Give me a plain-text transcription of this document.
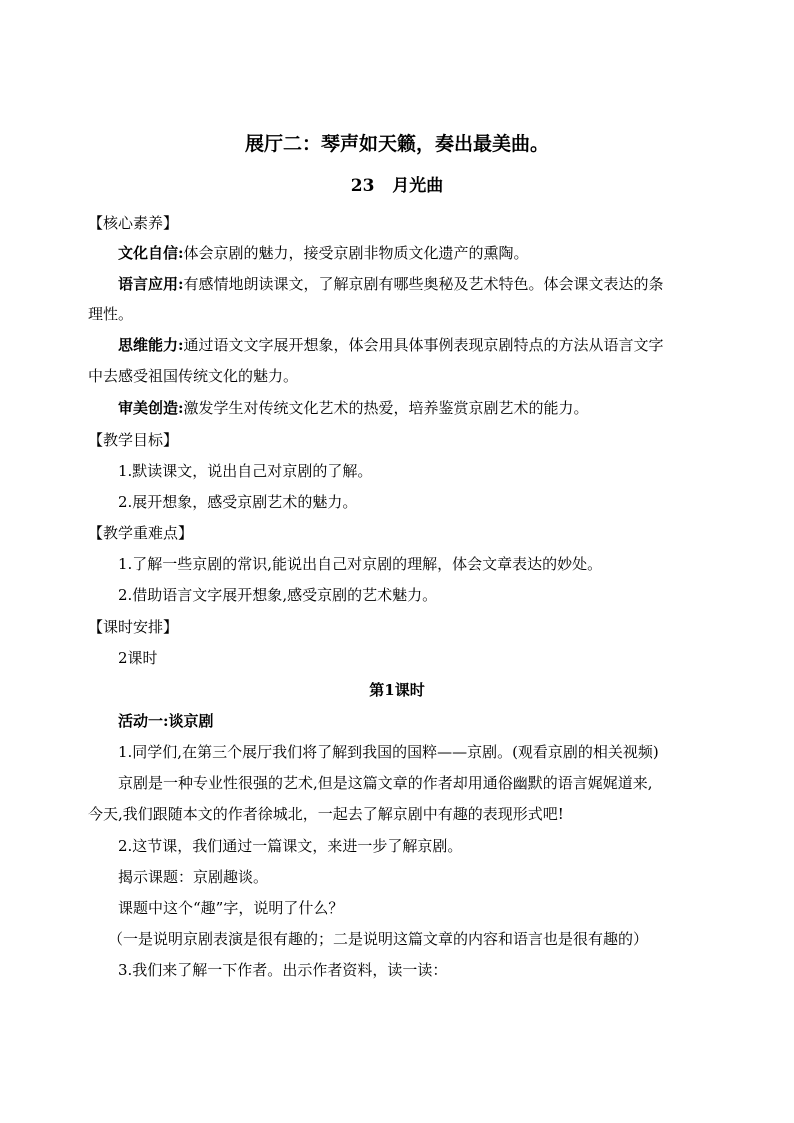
展厅二：琴声如天籁，奏出最美曲。
23 月光曲
【核心素养】
文化自信:体会京剧的魅力，接受京剧非物质文化遗产的熏陶。
语言应用:有感情地朗读课文，了解京剧有哪些奥秘及艺术特色。体会课文表达的条
理性。
思维能力:通过语文文字展开想象，体会用具体事例表现京剧特点的方法从语言文字
中去感受祖国传统文化的魅力。
审美创造:激发学生对传统文化艺术的热爱，培养鉴赏京剧艺术的能力。
【教学目标】
1.默读课文，说出自己对京剧的了解。
2.展开想象，感受京剧艺术的魅力。
【教学重难点】
1.了解一些京剧的常识,能说出自己对京剧的理解，体会文章表达的妙处。
2.借助语言文字展开想象,感受京剧的艺术魅力。
【课时安排】
2课时
第1课时
活动一:谈京剧
1.同学们,在第三个展厅我们将了解到我国的国粹——京剧。(观看京剧的相关视频)
京剧是一种专业性很强的艺术,但是这篇文章的作者却用通俗幽默的语言娓娓道来,
今天,我们跟随本文的作者徐城北，一起去了解京剧中有趣的表现形式吧!
2.这节课，我们通过一篇课文，来进一步了解京剧。
揭示课题：京剧趣谈。
课题中这个“趣”字，说明了什么？
（一是说明京剧表演是很有趣的；二是说明这篇文章的内容和语言也是很有趣的）
3.我们来了解一下作者。出示作者资料，读一读：
